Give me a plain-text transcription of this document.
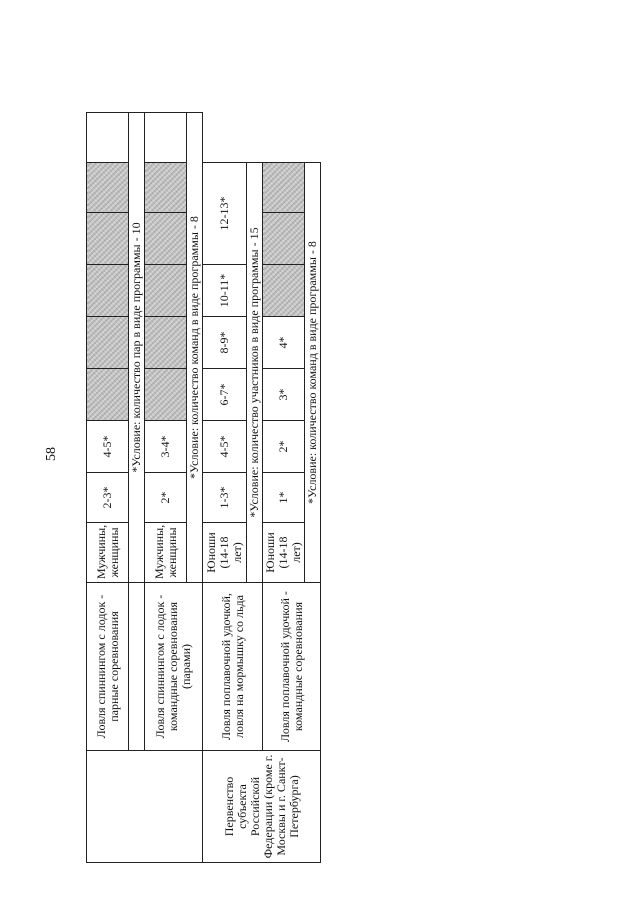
58
	Ловля спиннингом с лодок - парные соревнования	Мужчины, женщины	2-3*	4-5*						
		*Условие: количество пар в виде программы - 10								
	Ловля спиннингом с лодок - командные соревнования (парами)	Мужчины, женщины	2*	3-4*						
		*Условие: количество команд в виде программы - 8								
Первенство субъекта Российской Федерации (кроме г. Москвы и г. Санкт-Петербурга)	Ловля поплавочной удочкой, ловля на мормышку со льда	Юноши (14-18 лет)	1-3*	4-5*	6-7*	8-9*	10-11*	12-13*		
		*Условие: количество участников в виде программы - 15								
	Ловля поплавочной удочкой - командные соревнования	Юноши (14-18 лет)	1*	2*	3*	4*				
		*Условие: количество команд в виде программы - 8								
